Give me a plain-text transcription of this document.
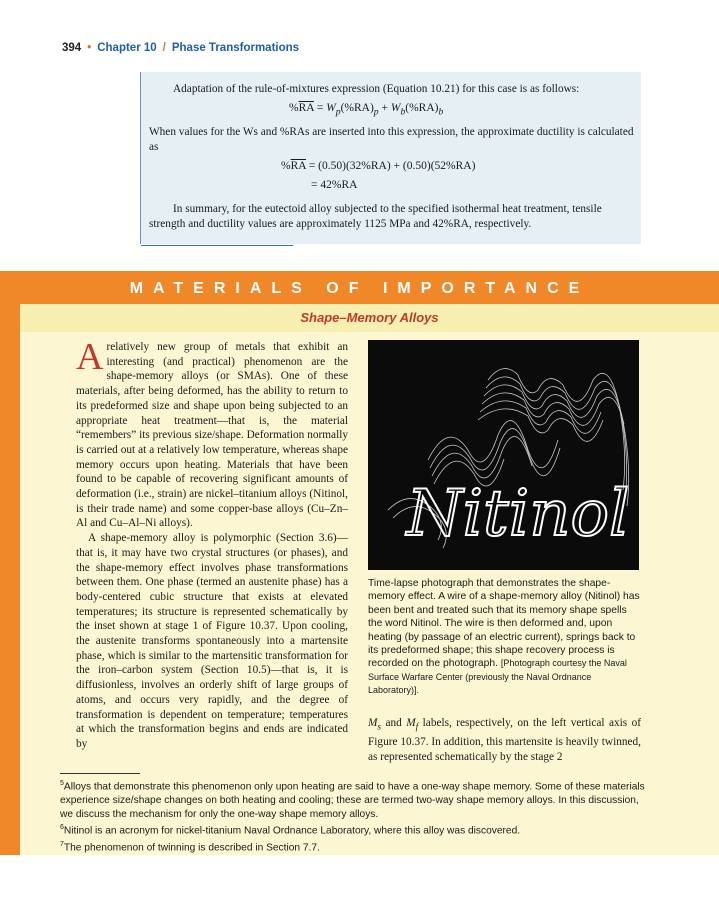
394 • Chapter 10 / Phase Transformations
Adaptation of the rule-of-mixtures expression (Equation 10.21) for this case is as follows:
$\%\overline{RA} = W_p(\%RA)_p + W_b(\%RA)_b$
When values for the Ws and %RAs are inserted into this expression, the approximate ductility is calculated as
$\%\overline{RA} = (0.50)(32\%RA) + (0.50)(52\%RA)$
= 42%RA
In summary, for the eutectoid alloy subjected to the specified isothermal heat treatment, tensile strength and ductility values are approximately 1125 MPa and 42%RA, respectively.
MATERIALS OF IMPORTANCE
Shape–Memory Alloys

A relatively new group of metals that exhibit an interesting (and practical) phenomenon are the shape-memory alloys (or SMAs). One of these materials, after being deformed, has the ability to return to its predeformed size and shape upon being subjected to an appropriate heat treatment—that is, the material “remembers” its previous size/shape. Deformation normally is carried out at a relatively low temperature, whereas shape memory occurs upon heating. Materials that have been found to be capable of recovering significant amounts of deformation (i.e., strain) are nickel–titanium alloys (Nitinol, is their trade name) and some copper-base alloys (Cu–Zn–Al and Cu–Al–Ni alloys).

A shape-memory alloy is polymorphic (Section 3.6)—that is, it may have two crystal structures (or phases), and the shape-memory effect involves phase transformations between them. One phase (termed an austenite phase) has a body-centered cubic structure that exists at elevated temperatures; its structure is represented schematically by the inset shown at stage 1 of Figure 10.37. Upon cooling, the austenite transforms spontaneously into a martensite phase, which is similar to the martensitic transformation for the iron–carbon system (Section 10.5)—that is, it is diffusionless, involves an orderly shift of large groups of atoms, and occurs very rapidly, and the degree of transformation is dependent on temperature; temperatures at which the transformation begins and ends are indicated by

Nitinol
Time-lapse photograph that demonstrates the shape-memory effect. A wire of a shape-memory alloy (Nitinol) has been bent and treated such that its memory shape spells the word Nitinol. The wire is then deformed and, upon heating (by passage of an electric current), springs back to its predeformed shape; this shape recovery process is recorded on the photograph. [Photograph courtesy the Naval Surface Warfare Center (previously the Naval Ordnance Laboratory)].
$M_s$ and $M_f$ labels, respectively, on the left vertical axis of Figure 10.37. In addition, this martensite is heavily twinned, as represented schematically by the stage 2

$^5$Alloys that demonstrate this phenomenon only upon heating are said to have a one-way shape memory. Some of these materials experience size/shape changes on both heating and cooling; these are termed two-way shape memory alloys. In this discussion, we discuss the mechanism for only the one-way shape memory alloys.

$^6$Nitinol is an acronym for nickel-titanium Naval Ordnance Laboratory, where this alloy was discovered.

$^7$The phenomenon of twinning is described in Section 7.7.
